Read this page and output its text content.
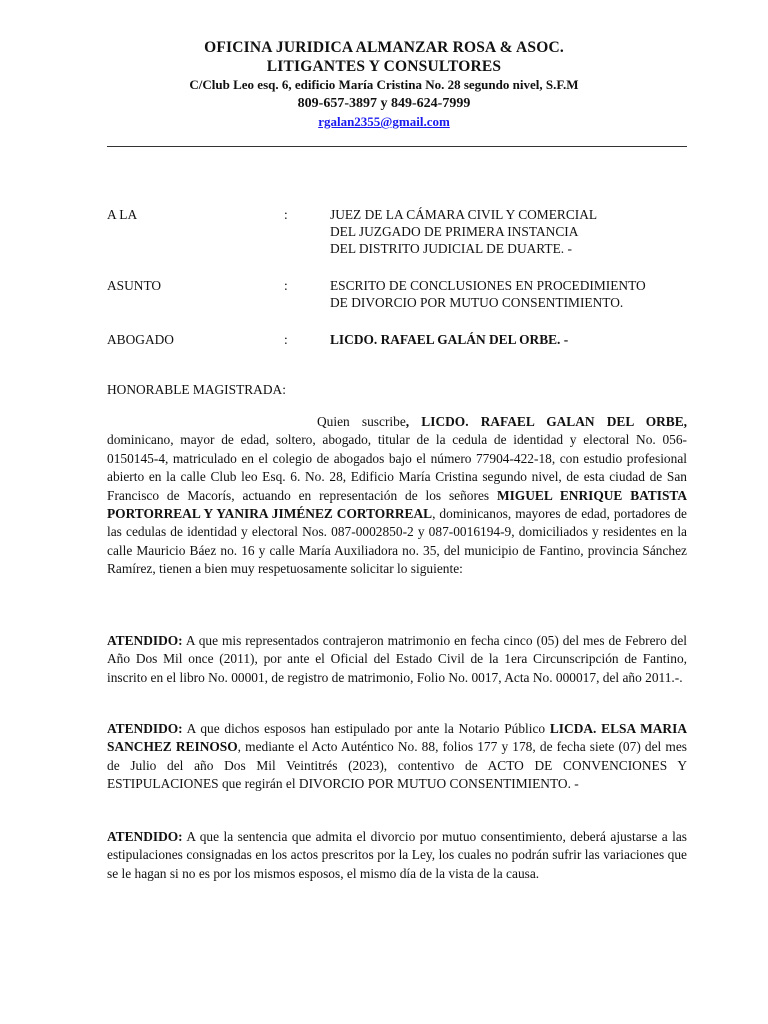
OFICINA JURIDICA ALMANZAR ROSA & ASOC.
LITIGANTES Y CONSULTORES
C/Club Leo esq. 6, edificio María Cristina No. 28 segundo nivel, S.F.M
809-657-3897 y 849-624-7999
rgalan2355@gmail.com
A LA	:	JUEZ DE LA CÁMARA CIVIL Y COMERCIAL
DEL JUZGADO DE PRIMERA INSTANCIA
DEL DISTRITO JUDICIAL DE DUARTE. -
ASUNTO	:	ESCRITO DE CONCLUSIONES EN PROCEDIMIENTO
DE DIVORCIO POR MUTUO CONSENTIMIENTO.
ABOGADO	:	LICDO. RAFAEL GALÁN DEL ORBE. -
HONORABLE MAGISTRADA:

Quien suscribe, LICDO. RAFAEL GALAN DEL ORBE, dominicano, mayor de edad, soltero, abogado, titular de la cedula de identidad y electoral No. 056-0150145-4, matriculado en el colegio de abogados bajo el número 77904-422-18, con estudio profesional abierto en la calle Club leo Esq. 6. No. 28, Edificio María Cristina segundo nivel, de esta ciudad de San Francisco de Macorís, actuando en representación de los señores MIGUEL ENRIQUE BATISTA PORTORREAL Y YANIRA JIMÉNEZ CORTORREAL, dominicanos, mayores de edad, portadores de las cedulas de identidad y electoral Nos. 087-0002850-2 y 087-0016194-9, domiciliados y residentes en la calle Mauricio Báez no. 16 y calle María Auxiliadora no. 35, del municipio de Fantino, provincia Sánchez Ramírez, tienen a bien muy respetuosamente solicitar lo siguiente:

ATENDIDO: A que mis representados contrajeron matrimonio en fecha cinco (05) del mes de Febrero del Año Dos Mil once (2011), por ante el Oficial del Estado Civil de la 1era Circunscripción de Fantino, inscrito en el libro No. 00001, de registro de matrimonio, Folio No. 0017, Acta No. 000017, del año 2011.-.

ATENDIDO: A que dichos esposos han estipulado por ante la Notario Público LICDA. ELSA MARIA SANCHEZ REINOSO, mediante el Acto Auténtico No. 88, folios 177 y 178, de fecha siete (07) del mes de Julio del año Dos Mil Veintitrés (2023), contentivo de ACTO DE CONVENCIONES Y ESTIPULACIONES que regirán el DIVORCIO POR MUTUO CONSENTIMIENTO. -

ATENDIDO: A que la sentencia que admita el divorcio por mutuo consentimiento, deberá ajustarse a las estipulaciones consignadas en los actos prescritos por la Ley, los cuales no podrán sufrir las variaciones que se le hagan si no es por los mismos esposos, el mismo día de la vista de la causa.
